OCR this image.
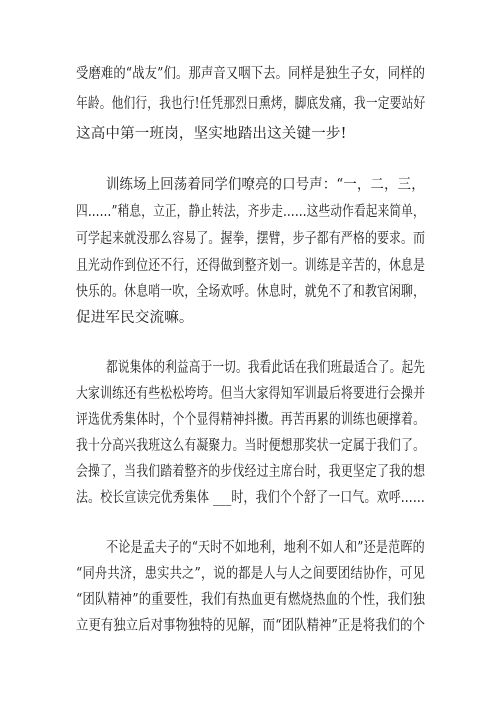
受磨难的“战友”们。那声音又咽下去。同样是独生子女，同样的
年龄。他们行，我也行!任凭那烈日熏烤，脚底发痛，我一定要站好
这高中第一班岗，坚实地踏出这关键一步!
训练场上回荡着同学们嘹亮的口号声：“一，二，三，
四……”稍息，立正，静止转法，齐步走……这些动作看起来简单，
可学起来就没那么容易了。握拳，摆臂，步子都有严格的要求。而
且光动作到位还不行，还得做到整齐划一。训练是辛苦的，休息是
快乐的。休息哨一吹，全场欢呼。休息时，就免不了和教官闲聊，
促进军民交流嘛。
都说集体的利益高于一切。我看此话在我们班最适合了。起先
大家训练还有些松松垮垮。但当大家得知军训最后将要进行会操并
评选优秀集体时，个个显得精神抖擞。再苦再累的训练也硬撑着。
我十分高兴我班这么有凝聚力。当时便想那奖状一定属于我们了。
会操了，当我们踏着整齐的步伐经过主席台时，我更坚定了我的想
法。校长宣读完优秀集体 ___时，我们个个舒了一口气。欢呼……
不论是孟夫子的“天时不如地利，地利不如人和”还是范晖的
“同舟共济，患实共之”，说的都是人与人之间要团结协作，可见
“团队精神”的重要性，我们有热血更有燃烧热血的个性，我们独
立更有独立后对事物独特的见解，而“团队精神”正是将我们的个
